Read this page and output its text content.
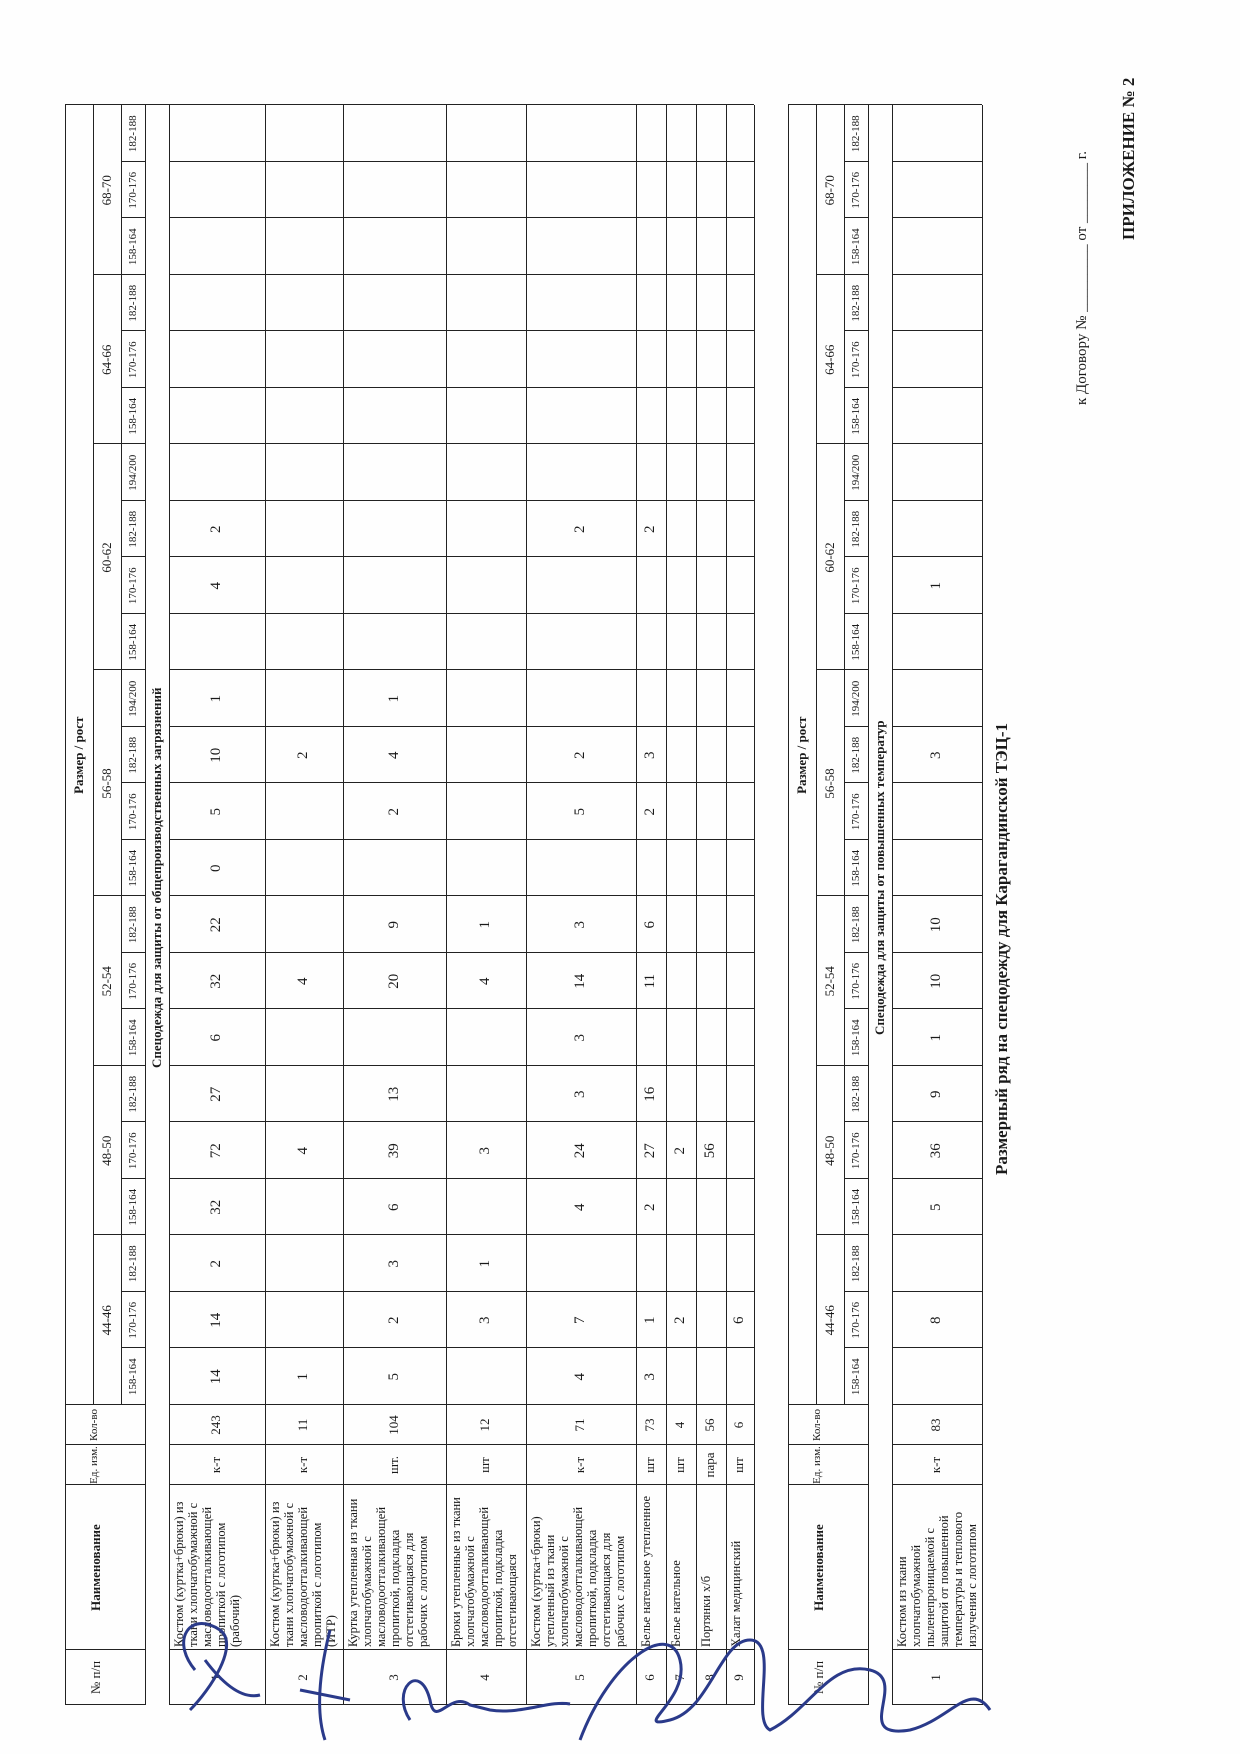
ПРИЛОЖЕНИЕ № 2
к Договору № _________ от ________ г.
Размерный ряд на спецодежду для Карагандинской ТЭЦ-1
№ п/п
Наименование
Ед. изм.
Кол-во
Размер / рост
44-46
48-50
52-54
56-58
60-62
64-66
68-70
158-164
170-176
182-188
158-164
170-176
182-188
158-164
170-176
182-188
158-164
170-176
182-188
194/200
158-164
170-176
182-188
194/200
158-164
170-176
182-188
158-164
170-176
182-188
Спецодежда для защиты от общепроизводственных загрязнений
1
Костюм (куртка+брюки) из ткани хлопчатобумажной с масловодоотталкивающей пропиткой с логотипом (рабочий)
к-т
243
14
14
2
32
72
27
6
32
22
0
5
10
1
4
2
2
Костюм (куртка+брюки) из ткани хлопчатобумажной с масловодоотталкивающей пропиткой с логотипом (ИТР)
к-т
11
1
4
4
2
3
Куртка утепленная из ткани хлопчатобумажной с масловодоотталкивающей пропиткой, подкладка отстегивающаяся для рабочих с логотипом
шт.
104
5
2
3
6
39
13
20
9
2
4
1
4
Брюки утепленные из ткани хлопчатобумажной с масловодоотталкивающей пропиткой, подкладка отстегивающаяся
шт
12
3
1
3
4
1
5
Костюм (куртка+брюки) утепленный из ткани хлопчатобумажной с масловодоотталкивающей пропиткой, подкладка отстегивающаяся для рабочих с логотипом
к-т
71
4
7
4
24
3
3
14
3
5
2
2
6
Белье нательное утепленное
шт
73
3
1
2
27
16
11
6
2
3
2
7
Белье нательное
шт
4
2
2
8
Портянки х/б
пара
56
56
9
Халат медицинский
шт
6
6
№ п/п
Наименование
Ед. изм.
Кол-во
Размер / рост
44-46
48-50
52-54
56-58
60-62
64-66
68-70
158-164
170-176
182-188
158-164
170-176
182-188
158-164
170-176
182-188
158-164
170-176
182-188
194/200
158-164
170-176
182-188
194/200
158-164
170-176
182-188
158-164
170-176
182-188
Спецодежда для защиты от повышенных температур
1
Костюм из ткани хлопчатобумажной пыленепроницаемой с защитой от повышенной температуры и теплового излучения с логотипом
к-т
83
8
5
36
9
1
10
10
3
1
